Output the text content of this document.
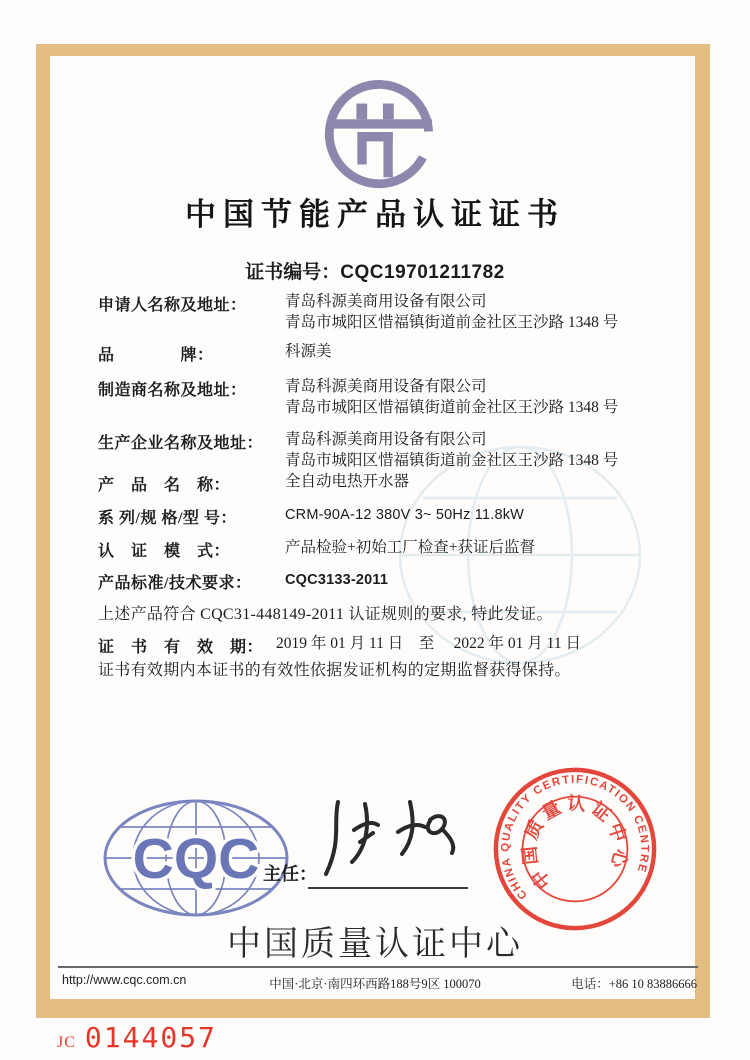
中国节能产品认证证书
证书编号：CQC19701211782
申请人名称及地址： 青岛科源美商用设备有限公司
青岛市城阳区惜福镇街道前金社区王沙路 1348 号
品　　　　牌：	科源美
制造商名称及地址： 青岛科源美商用设备有限公司
青岛市城阳区惜福镇街道前金社区王沙路 1348 号
生产企业名称及地址： 青岛科源美商用设备有限公司
青岛市城阳区惜福镇街道前金社区王沙路 1348 号
产　品　名　称：	全自动电热开水器
系 列/规 格/型 号：	CRM-90A-12 380V 3~ 50Hz 11.8kW
认　证　模　式：	产品检验+初始工厂检查+获证后监督
产品标准/技术要求： CQC3133-2011
上述产品符合 CQC31-448149-2011 认证规则的要求, 特此发证。
证　书　有　效　期： 2019 年 01 月 11 日　至　 2022 年 01 月 11 日
证书有效期内本证书的有效性依据发证机构的定期监督获得保持。
CQC 主任：
CHINA QUALITY CERTIFICATION CENTRE
中国质量认证中心
中国质量认证中心
http://www.cqc.com.cn	中国·北京·南四环西路188号9区 100070	电话：+86 10 83886666
JC 0144057
